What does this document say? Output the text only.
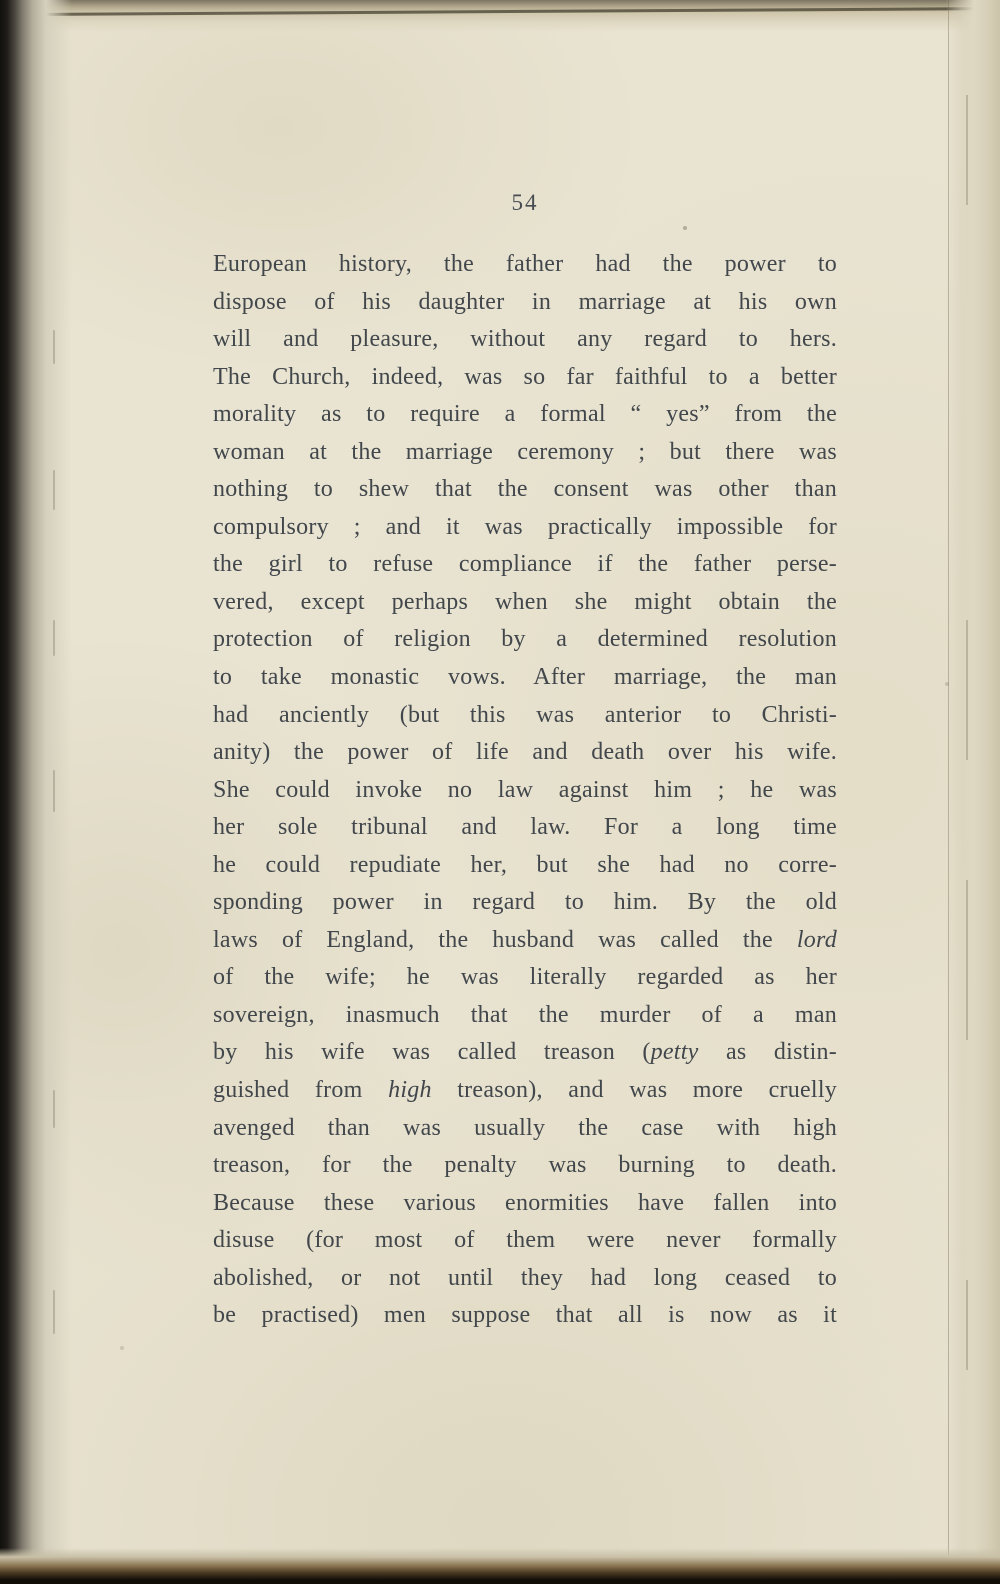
54
European history, the father had the power to
dispose of his daughter in marriage at his own
will and pleasure, without any regard to hers.
The Church, indeed, was so far faithful to a better
morality as to require a formal “ yes” from the
woman at the marriage ceremony ; but there was
nothing to shew that the consent was other than
compulsory ; and it was practically impossible for
the girl to refuse compliance if the father perse-
vered, except perhaps when she might obtain the
protection of religion by a determined resolution
to take monastic vows. After marriage, the man
had anciently (but this was anterior to Christi-
anity) the power of life and death over his wife.
She could invoke no law against him ; he was
her sole tribunal and law. For a long time
he could repudiate her, but she had no corre-
sponding power in regard to him. By the old
laws of England, the husband was called the lord
of the wife; he was literally regarded as her
sovereign, inasmuch that the murder of a man
by his wife was called treason (petty as distin-
guished from high treason), and was more cruelly
avenged than was usually the case with high
treason, for the penalty was burning to death.
Because these various enormities have fallen into
disuse (for most of them were never formally
abolished, or not until they had long ceased to
be practised) men suppose that all is now as it
